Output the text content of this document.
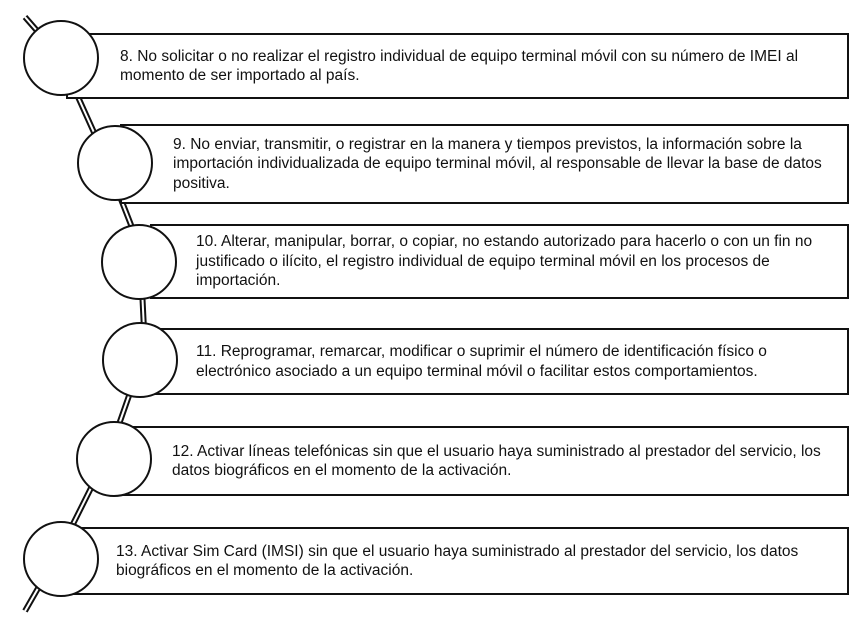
8. No solicitar o no realizar el registro individual de equipo terminal móvil con su número de IMEI al momento de ser importado al país.
9. No enviar, transmitir, o registrar en la manera y tiempos previstos, la información sobre la importación individualizada de equipo terminal móvil, al responsable de llevar la base de datos positiva.
10. Alterar, manipular, borrar, o copiar, no estando autorizado para hacerlo o con un fin no justificado o ilícito, el registro individual de equipo terminal móvil en los procesos de importación.
11. Reprogramar, remarcar, modificar o suprimir el número de identificación físico o electrónico asociado a un equipo terminal móvil o facilitar estos comportamientos.
12. Activar líneas telefónicas sin que el usuario haya suministrado al prestador del servicio, los datos biográficos en el momento de la activación.
13. Activar Sim Card (IMSI) sin que el usuario haya suministrado al prestador del servicio, los datos biográficos en el momento de la activación.
